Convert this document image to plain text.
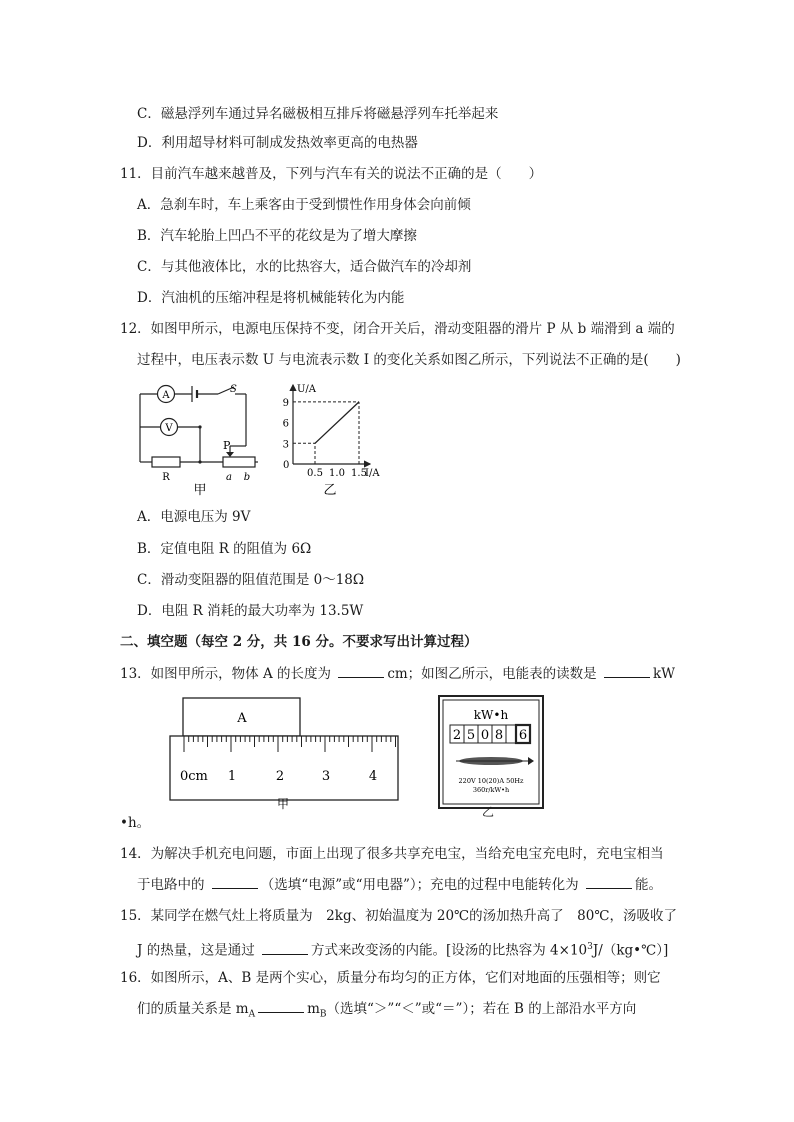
C．磁悬浮列车通过异名磁极相互排斥将磁悬浮列车托举起来
D．利用超导材料可制成发热效率更高的电热器
11．目前汽车越来越普及，下列与汽车有关的说法不正确的是（　　）
A．急刹车时，车上乘客由于受到惯性作用身体会向前倾
B．汽车轮胎上凹凸不平的花纹是为了增大摩擦
C．与其他液体比，水的比热容大，适合做汽车的冷却剂
D．汽油机的压缩冲程是将机械能转化为内能
12．如图甲所示，电源电压保持不变，闭合开关后，滑动变阻器的滑片 P 从 b 端滑到 a 端的
过程中，电压表示数 U 与电流表示数 I 的变化关系如图乙所示，下列说法不正确的是(　　)
A
V
S
P
R	a b
甲
U/A
I/A
0
0.5 1.0 1.5
3
6
9
乙
A．电源电压为 9V
B．定值电阻 R 的阻值为 6Ω
C．滑动变阻器的阻值范围是 0～18Ω
D．电阻 R 消耗的最大功率为 13.5W
二、填空题（每空 2 分，共 16 分。不要求写出计算过程）
13．如图甲所示，物体 A 的长度为	cm；如图乙所示，电能表的读数是	kW
A
0cm 1	2	3	4
甲
kW•h
2 5 0 8 6
220V 10(20)A 50Hz
360r/kW•h
乙
•h。
14．为解决手机充电问题，市面上出现了很多共享充电宝，当给充电宝充电时，充电宝相当
于电路中的	（选填“电源”或“用电器”）；充电的过程中电能转化为	能。
15．某同学在燃气灶上将质量为　2kg、初始温度为 20℃的汤加热升高了　80℃，汤吸收了
J 的热量，这是通过	方式来改变汤的内能。[设汤的比热容为 $4\times 10^3J/(kg•℃)$]
16．如图所示，A、B 是两个实心，质量分布均匀的正方体，它们对地面的压强相等；则它
们的质量关系是 $m_A$	$m_B$（选填“＞”“＜”或“＝”）；若在 B 的上部沿水平方向
